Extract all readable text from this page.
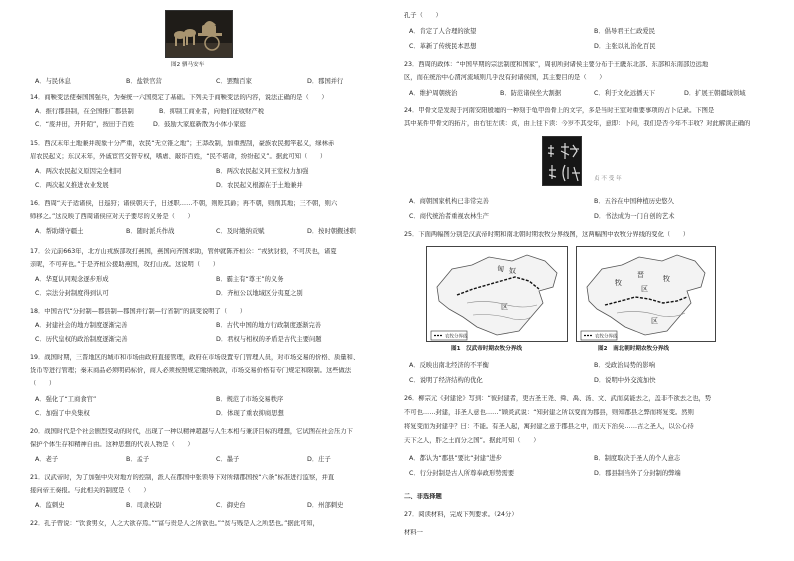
图2 驷马安车
A．与民休息	B．盐铁官营	C．罢黜百家	D．郡国并行
14．商鞅变法使秦国国强兵，为秦统一六国奠定了基础。下列关于商鞅变法的内容，说法正确的是（　　）
A．推行郡县制，在全国推广郡县制　　　　B．抑制工商业者，向他们征收财产税
C．“废井田，开阡陌”，按田于百姓　　　D．鼓励大家庭新散为小体小家庭
15．西汉末年土地兼并现象十分严重，农民“无立锥之地”；王莽改制，加重搜刮，豪族农民揭竿起义，绿林赤
眉农民起义；东汉末年，外戚宦官交替专权，嗜虐、敲诈百姓，“民不堪命，纷纷起义”。据此可知（　　）
A．两次农民起义原因完全相同	B．两次农民起义同王室权力加强
C．两次起义推进农业发展	D．农民起义根源在于土地兼并
16．西周“天子适诸侯，日巡狩；诸侯朝天子，日述职……不朝，则贬其爵；再不朝，则削其地；三不朝，则六
师移之。”这反映了西周诸侯应对天子要尽的义务是（　　）
A．帮助缮守疆土	B．随时派兵作战	C．及时缴纳贡赋	D．按时朝觐述职
17．公元前663年，北方山戎族部攻打燕国，燕国向齐国求助，管仲就陈齐桓公：“戎狄豺狼，不可厌也，诸夏
亲昵，不可弃也。”于是齐桓公援助燕国，攻打山戎。这说明（　　）
A．华夏认同观念逐步形成	B．霸主有“尊王”的义务
C．宗法分封制度得到认可	D．齐桓公以地域区分夷夏之别
18．中国古代“分封制—郡县制—郡国并行制—行省制”的演变说明了（　　）
A．封建社会的地方制度逐渐完善	B．古代中国的地方行政制度逐渐完善
C．历代皇权的政治制度逐渐完善	D．君权与相权的矛盾是古代主要问题
19．战国时期，三晋地区的城市和市场由政府直接管理，政府在市场设置专门管理人员，对市场交易的价格、质量和、
货币等进行管理；秦末商品必须明码标价，商人必须按照规定缴纳税款，市场交易价格有专门规定和限制。这些做法
（　　）
A．强化了“工商食官”	B．规范了市场交易秩序
C．加强了中央集权	D．体现了重农抑商思想
20．战国时代是个社会剧烈变动的时代，出现了一种以精神超越与人生本相与兼济目标的理想，它试图在社会压力下
保护个体生存和精神自由。这种思想的代表人物是（　　）
A．老子	B．孟子	C．墨子	D．庄子
21．汉武帝时，为了加强中央对地方的控制，派人在郡国中张领导下对所辖郡国按“六条”标准进行监察，并直
接向帝王奏报。与此相关的制度是（　　）
A．监刺史	B．司隶校尉	C．御史台	D．州部刺史
22．孔子曾说：“饮食男女，人之大欲存焉。”“富与贵是人之所欲也。”“贫与贱是人之所恶也。”据此可知，
孔子（　　）
A．肯定了人合理的欲望	B．倡导君王仁政爱民
C．革新了传统民本思想	D．主张以礼治化百民
23．西周的政体：“中国早期的宗法制度和国家”，周初所封诸侯主要分布于王畿东北部、东部和东南部边远地
区，而在统治中心渭河流域则几乎没有封诸侯国，其主要目的是（　　）
A．维护周朝统治	B．防范诸侯坐大割据	C．利于文化远播天下	D．扩展王朝疆域领域
24．甲骨文是发现于河南安阳殷墟的一种刻于龟甲兽骨上的文字，多是当时王室对重要事项的占卜记录。下图是
其中某件甲骨文的拓片，由右往左读：贞，由上往下读：今岁不其受年，意即：卜问，我们是否今年不丰收？对此解读正确的
贞 不 受 年
A．商朝国家机构已非常完善	B．五谷在中国种植历史悠久
C．商代统治者重视农林生产	D．书法成为一门自创的艺术
25．下面两幅图分别是汉武帝时期和南北朝时期农牧分界线图，这两幅图中农牧分界线的变化（　　）
匈 奴
区
农牧分界线
图1　汉武帝时期农牧分界线
晋
牧	牧
区
区
农牧分界线
图2　南北朝时期农牧分界线
A．反映出南北经济的不平衡	B．受政治局势的影响
C．说明了经济结构的优化	D．说明中外交流加快
26．柳宗元《封建论》写到：“彼封建者，更古圣王尧、舜、禹、汤、文、武而莫能去之，盖非不欲去之也，势
不可也……封建，非圣人意也……”顾炎武说：“知封建之所以变而为郡县，则知郡县之弊而将复变。然则
将复变而为封建乎？曰：不能。有圣人起，寓封建之意于郡县之中，而天下治矣……古之圣人，以公心待
天下之人，胙之土而分之国”。据此可知（　　）
A．都认为“郡县”要比“封建”进步	B．制度取决于圣人的个人意志
C．行分封制是古人所尊奉政形势需要	D．郡县制当外了分封制的弊端
二、非选择题
27．阅读材料，完成下列要求。（24分）
材料一
